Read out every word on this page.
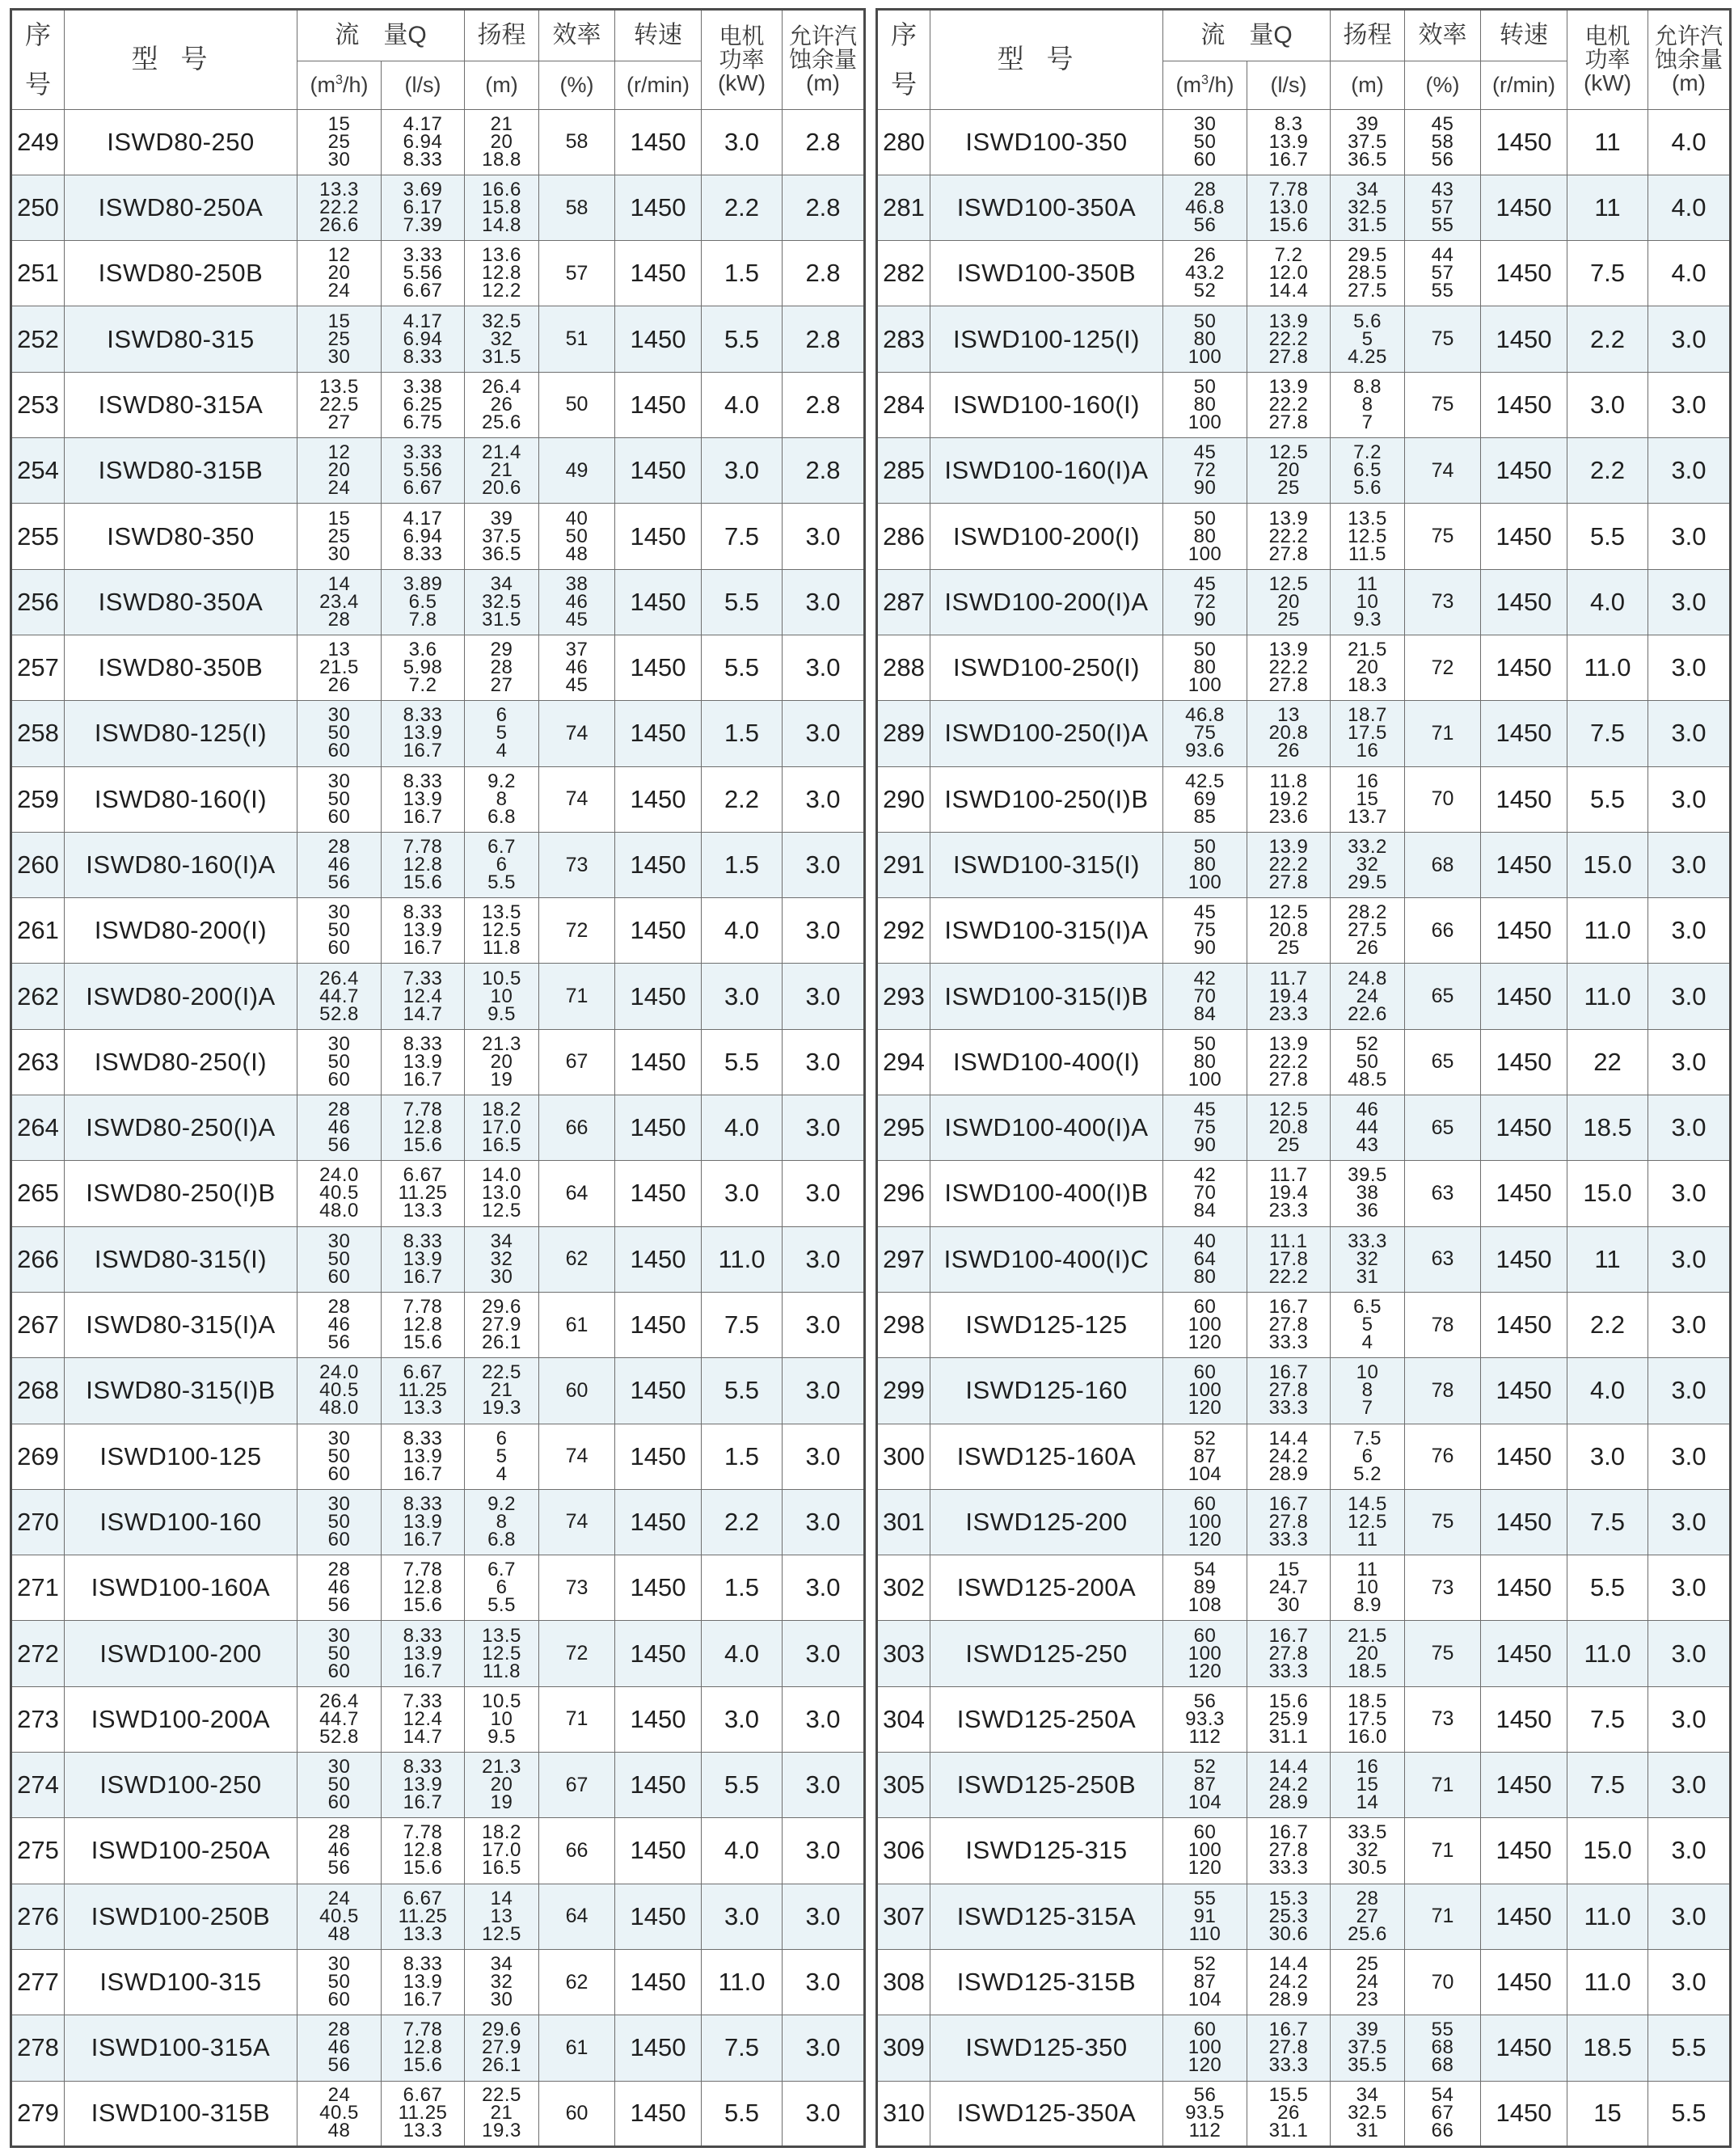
序
号	型号	流　量Q		扬程	效率	转速	电机
功率
(kW)	允许汽
蚀余量
(m)
		$(m^3/h)$	(l/s)	(m)	(%)	(r/min)		
249	ISWD80-250	15
25
30	4.17
6.94
8.33	21
20
18.8	58	1450	3.0	2.8
250	ISWD80-250A	13.3
22.2
26.6	3.69
6.17
7.39	16.6
15.8
14.8	58	1450	2.2	2.8
251	ISWD80-250B	12
20
24	3.33
5.56
6.67	13.6
12.8
12.2	57	1450	1.5	2.8
252	ISWD80-315	15
25
30	4.17
6.94
8.33	32.5
32
31.5	51	1450	5.5	2.8
253	ISWD80-315A	13.5
22.5
27	3.38
6.25
6.75	26.4
26
25.6	50	1450	4.0	2.8
254	ISWD80-315B	12
20
24	3.33
5.56
6.67	21.4
21
20.6	49	1450	3.0	2.8
255	ISWD80-350	15
25
30	4.17
6.94
8.33	39
37.5
36.5	40
50
48	1450	7.5	3.0
256	ISWD80-350A	14
23.4
28	3.89
6.5
7.8	34
32.5
31.5	38
46
45	1450	5.5	3.0
257	ISWD80-350B	13
21.5
26	3.6
5.98
7.2	29
28
27	37
46
45	1450	5.5	3.0
258	ISWD80-125(I)	30
50
60	8.33
13.9
16.7	6
5
4	74	1450	1.5	3.0
259	ISWD80-160(I)	30
50
60	8.33
13.9
16.7	9.2
8
6.8	74	1450	2.2	3.0
260	ISWD80-160(I)A	28
46
56	7.78
12.8
15.6	6.7
6
5.5	73	1450	1.5	3.0
261	ISWD80-200(I)	30
50
60	8.33
13.9
16.7	13.5
12.5
11.8	72	1450	4.0	3.0
262	ISWD80-200(I)A	26.4
44.7
52.8	7.33
12.4
14.7	10.5
10
9.5	71	1450	3.0	3.0
263	ISWD80-250(I)	30
50
60	8.33
13.9
16.7	21.3
20
19	67	1450	5.5	3.0
264	ISWD80-250(I)A	28
46
56	7.78
12.8
15.6	18.2
17.0
16.5	66	1450	4.0	3.0
265	ISWD80-250(I)B	24.0
40.5
48.0	6.67
11.25
13.3	14.0
13.0
12.5	64	1450	3.0	3.0
266	ISWD80-315(I)	30
50
60	8.33
13.9
16.7	34
32
30	62	1450	11.0	3.0
267	ISWD80-315(I)A	28
46
56	7.78
12.8
15.6	29.6
27.9
26.1	61	1450	7.5	3.0
268	ISWD80-315(I)B	24.0
40.5
48.0	6.67
11.25
13.3	22.5
21
19.3	60	1450	5.5	3.0
269	ISWD100-125	30
50
60	8.33
13.9
16.7	6
5
4	74	1450	1.5	3.0
270	ISWD100-160	30
50
60	8.33
13.9
16.7	9.2
8
6.8	74	1450	2.2	3.0
271	ISWD100-160A	28
46
56	7.78
12.8
15.6	6.7
6
5.5	73	1450	1.5	3.0
272	ISWD100-200	30
50
60	8.33
13.9
16.7	13.5
12.5
11.8	72	1450	4.0	3.0
273	ISWD100-200A	26.4
44.7
52.8	7.33
12.4
14.7	10.5
10
9.5	71	1450	3.0	3.0
274	ISWD100-250	30
50
60	8.33
13.9
16.7	21.3
20
19	67	1450	5.5	3.0
275	ISWD100-250A	28
46
56	7.78
12.8
15.6	18.2
17.0
16.5	66	1450	4.0	3.0
276	ISWD100-250B	24
40.5
48	6.67
11.25
13.3	14
13
12.5	64	1450	3.0	3.0
277	ISWD100-315	30
50
60	8.33
13.9
16.7	34
32
30	62	1450	11.0	3.0
278	ISWD100-315A	28
46
56	7.78
12.8
15.6	29.6
27.9
26.1	61	1450	7.5	3.0
279	ISWD100-315B	24
40.5
48	6.67
11.25
13.3	22.5
21
19.3	60	1450	5.5	3.0
序
号	型号	流　量Q		扬程	效率	转速	电机
功率
(kW)	允许汽
蚀余量
(m)
		$(m^3/h)$	(l/s)	(m)	(%)	(r/min)		
280	ISWD100-350	30
50
60	8.3
13.9
16.7	39
37.5
36.5	45
58
56	1450	11	4.0
281	ISWD100-350A	28
46.8
56	7.78
13.0
15.6	34
32.5
31.5	43
57
55	1450	11	4.0
282	ISWD100-350B	26
43.2
52	7.2
12.0
14.4	29.5
28.5
27.5	44
57
55	1450	7.5	4.0
283	ISWD100-125(I)	50
80
100	13.9
22.2
27.8	5.6
5
4.25	75	1450	2.2	3.0
284	ISWD100-160(I)	50
80
100	13.9
22.2
27.8	8.8
8
7	75	1450	3.0	3.0
285	ISWD100-160(I)A	45
72
90	12.5
20
25	7.2
6.5
5.6	74	1450	2.2	3.0
286	ISWD100-200(I)	50
80
100	13.9
22.2
27.8	13.5
12.5
11.5	75	1450	5.5	3.0
287	ISWD100-200(I)A	45
72
90	12.5
20
25	11
10
9.3	73	1450	4.0	3.0
288	ISWD100-250(I)	50
80
100	13.9
22.2
27.8	21.5
20
18.3	72	1450	11.0	3.0
289	ISWD100-250(I)A	46.8
75
93.6	13
20.8
26	18.7
17.5
16	71	1450	7.5	3.0
290	ISWD100-250(I)B	42.5
69
85	11.8
19.2
23.6	16
15
13.7	70	1450	5.5	3.0
291	ISWD100-315(I)	50
80
100	13.9
22.2
27.8	33.2
32
29.5	68	1450	15.0	3.0
292	ISWD100-315(I)A	45
75
90	12.5
20.8
25	28.2
27.5
26	66	1450	11.0	3.0
293	ISWD100-315(I)B	42
70
84	11.7
19.4
23.3	24.8
24
22.6	65	1450	11.0	3.0
294	ISWD100-400(I)	50
80
100	13.9
22.2
27.8	52
50
48.5	65	1450	22	3.0
295	ISWD100-400(I)A	45
75
90	12.5
20.8
25	46
44
43	65	1450	18.5	3.0
296	ISWD100-400(I)B	42
70
84	11.7
19.4
23.3	39.5
38
36	63	1450	15.0	3.0
297	ISWD100-400(I)C	40
64
80	11.1
17.8
22.2	33.3
32
31	63	1450	11	3.0
298	ISWD125-125	60
100
120	16.7
27.8
33.3	6.5
5
4	78	1450	2.2	3.0
299	ISWD125-160	60
100
120	16.7
27.8
33.3	10
8
7	78	1450	4.0	3.0
300	ISWD125-160A	52
87
104	14.4
24.2
28.9	7.5
6
5.2	76	1450	3.0	3.0
301	ISWD125-200	60
100
120	16.7
27.8
33.3	14.5
12.5
11	75	1450	7.5	3.0
302	ISWD125-200A	54
89
108	15
24.7
30	11
10
8.9	73	1450	5.5	3.0
303	ISWD125-250	60
100
120	16.7
27.8
33.3	21.5
20
18.5	75	1450	11.0	3.0
304	ISWD125-250A	56
93.3
112	15.6
25.9
31.1	18.5
17.5
16.0	73	1450	7.5	3.0
305	ISWD125-250B	52
87
104	14.4
24.2
28.9	16
15
14	71	1450	7.5	3.0
306	ISWD125-315	60
100
120	16.7
27.8
33.3	33.5
32
30.5	71	1450	15.0	3.0
307	ISWD125-315A	55
91
110	15.3
25.3
30.6	28
27
25.6	71	1450	11.0	3.0
308	ISWD125-315B	52
87
104	14.4
24.2
28.9	25
24
23	70	1450	11.0	3.0
309	ISWD125-350	60
100
120	16.7
27.8
33.3	39
37.5
35.5	55
68
68	1450	18.5	5.5
310	ISWD125-350A	56
93.5
112	15.5
26
31.1	34
32.5
31	54
67
66	1450	15	5.5
